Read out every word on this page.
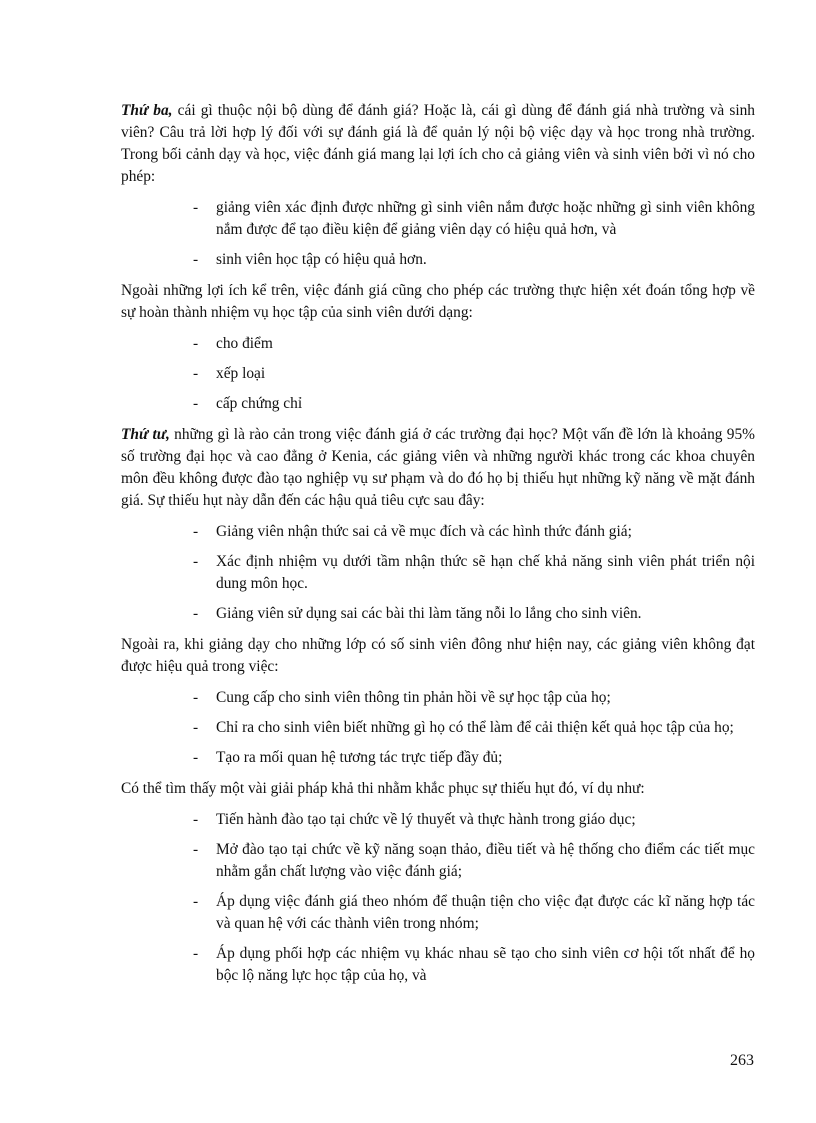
Thứ ba, cái gì thuộc nội bộ dùng để đánh giá? Hoặc là, cái gì dùng để đánh giá nhà trường và sinh viên? Câu trả lời hợp lý đối với sự đánh giá là để quản lý nội bộ việc dạy và học trong nhà trường. Trong bối cảnh dạy và học, việc đánh giá mang lại lợi ích cho cả giảng viên và sinh viên bởi vì nó cho phép:

- giảng viên xác định được những gì sinh viên nắm được hoặc những gì sinh viên không nắm được để tạo điều kiện để giảng viên dạy có hiệu quả hơn, và
- sinh viên học tập có hiệu quả hơn.

Ngoài những lợi ích kể trên, việc đánh giá cũng cho phép các trường thực hiện xét đoán tổng hợp về sự hoàn thành nhiệm vụ học tập của sinh viên dưới dạng:

- cho điểm
- xếp loại
- cấp chứng chỉ

Thứ tư, những gì là rào cản trong việc đánh giá ở các trường đại học? Một vấn đề lớn là khoảng 95% số trường đại học và cao đẳng ở Kenia, các giảng viên và những người khác trong các khoa chuyên môn đều không được đào tạo nghiệp vụ sư phạm và do đó họ bị thiếu hụt những kỹ năng về mặt đánh giá. Sự thiếu hụt này dẫn đến các hậu quả tiêu cực sau đây:

- Giảng viên nhận thức sai cả về mục đích và các hình thức đánh giá;
- Xác định nhiệm vụ dưới tầm nhận thức sẽ hạn chế khả năng sinh viên phát triển nội dung môn học.
- Giảng viên sử dụng sai các bài thi làm tăng nỗi lo lắng cho sinh viên.

Ngoài ra, khi giảng dạy cho những lớp có số sinh viên đông như hiện nay, các giảng viên không đạt được hiệu quả trong việc:

- Cung cấp cho sinh viên thông tin phản hồi về sự học tập của họ;
- Chỉ ra cho sinh viên biết những gì họ có thể làm để cải thiện kết quả học tập của họ;
- Tạo ra mối quan hệ tương tác trực tiếp đầy đủ;

Có thể tìm thấy một vài giải pháp khả thi nhằm khắc phục sự thiếu hụt đó, ví dụ như:

- Tiến hành đào tạo tại chức về lý thuyết và thực hành trong giáo dục;
- Mở đào tạo tại chức về kỹ năng soạn thảo, điều tiết và hệ thống cho điểm các tiết mục nhằm gắn chất lượng vào việc đánh giá;
- Áp dụng việc đánh giá theo nhóm để thuận tiện cho việc đạt được các kĩ năng hợp tác và quan hệ với các thành viên trong nhóm;
- Áp dụng phối hợp các nhiệm vụ khác nhau sẽ tạo cho sinh viên cơ hội tốt nhất để họ bộc lộ năng lực học tập của họ, và
263
